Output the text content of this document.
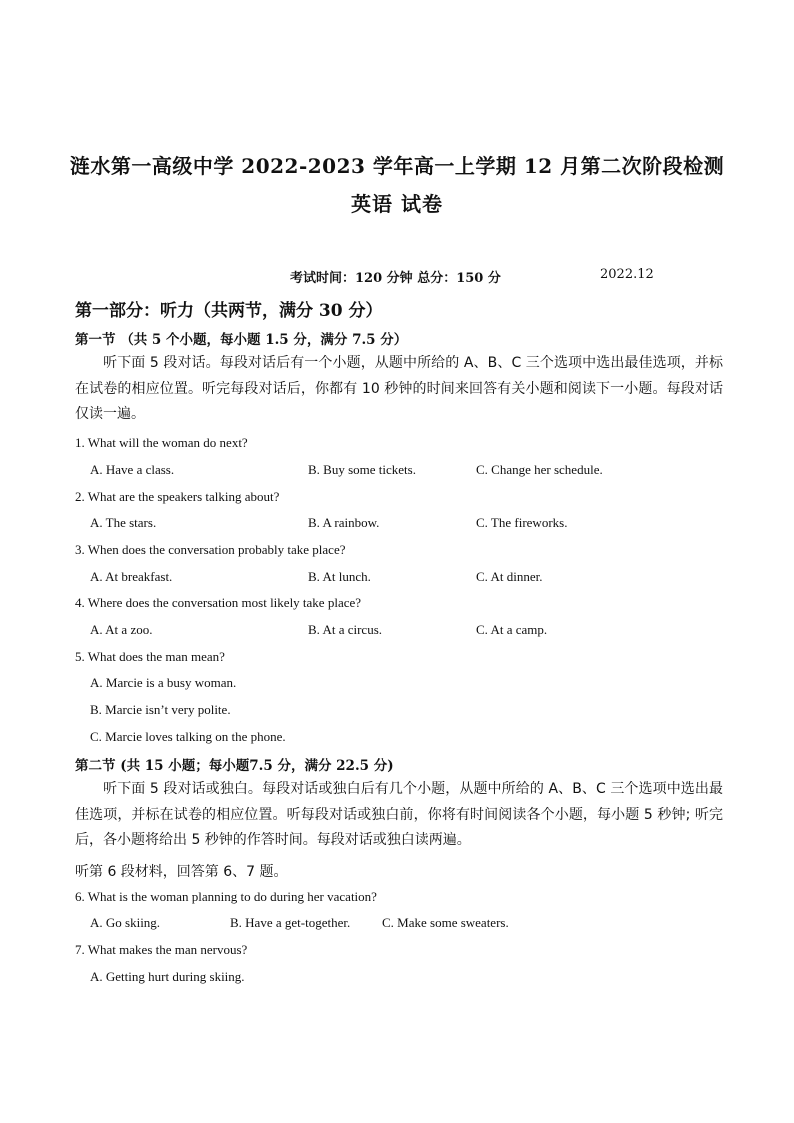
涟水第一高级中学 2022-2023 学年高一上学期 12 月第二次阶段检测
英语 试卷
考试时间：120 分钟 总分：150 分	2022.12
第一部分：听力（共两节，满分 30 分）
第一节 （共 5 个小题，每小题 1.5 分，满分 7.5 分）
听下面 5 段对话。每段对话后有一个小题，从题中所给的 A、B、C 三个选项中选出最佳选项，并标在试卷的相应位置。听完每段对话后，你都有 10 秒钟的时间来回答有关小题和阅读下一小题。每段对话仅读一遍。
1. What will the woman do next?
A. Have a class.	B. Buy some tickets.	C. Change her schedule.
2. What are the speakers talking about?
A. The stars.	B. A rainbow.	C. The fireworks.
3. When does the conversation probably take place?
A. At breakfast.	B. At lunch.	C. At dinner.
4. Where does the conversation most likely take place?
A. At a zoo.	B. At a circus.	C. At a camp.
5. What does the man mean?
A. Marcie is a busy woman.
B. Marcie isn’t very polite.
C. Marcie loves talking on the phone.
第二节 (共 15 小题；每小题7.5 分，满分 22.5 分)
听下面 5 段对话或独白。每段对话或独白后有几个小题，从题中所给的 A、B、C 三个选项中选出最佳选项，并标在试卷的相应位置。听每段对话或独白前，你将有时间阅读各个小题，每小题 5 秒钟; 听完后，各小题将给出 5 秒钟的作答时间。每段对话或独白读两遍。
听第 6 段材料，回答第 6、7 题。
6. What is the woman planning to do during her vacation?
A. Go skiing.	B. Have a get-together. C. Make some sweaters.
7. What makes the man nervous?
A. Getting hurt during skiing.
